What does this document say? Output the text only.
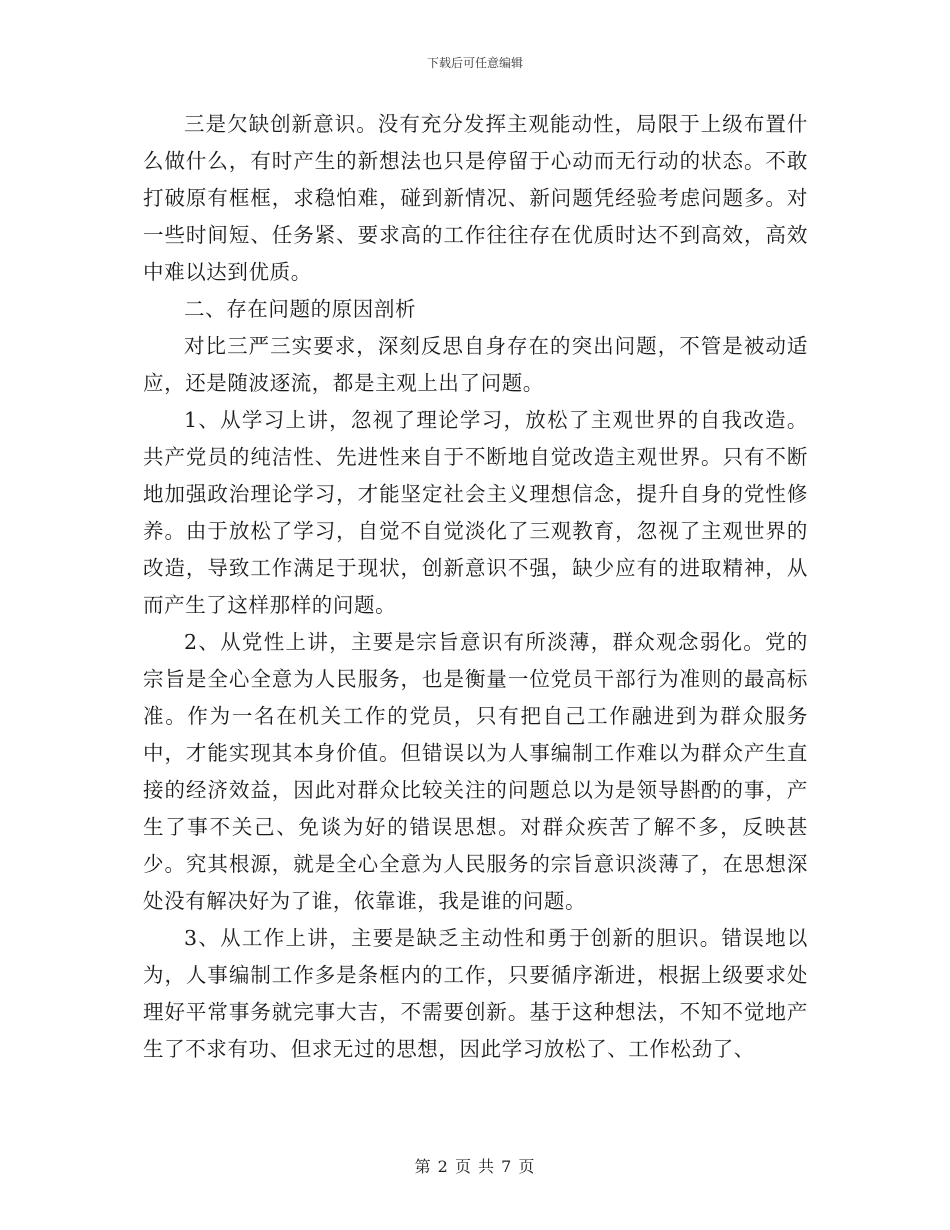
下载后可任意编辑

三是欠缺创新意识。没有充分发挥主观能动性，局限于上级布置什么做什么，有时产生的新想法也只是停留于心动而无行动的状态。不敢打破原有框框，求稳怕难，碰到新情况、新问题凭经验考虑问题多。对一些时间短、任务紧、要求高的工作往往存在优质时达不到高效，高效中难以达到优质。

二、存在问题的原因剖析

对比三严三实要求，深刻反思自身存在的突出问题，不管是被动适应，还是随波逐流，都是主观上出了问题。

1、从学习上讲，忽视了理论学习，放松了主观世界的自我改造。共产党员的纯洁性、先进性来自于不断地自觉改造主观世界。只有不断地加强政治理论学习，才能坚定社会主义理想信念，提升自身的党性修养。由于放松了学习，自觉不自觉淡化了三观教育，忽视了主观世界的改造，导致工作满足于现状，创新意识不强，缺少应有的进取精神，从而产生了这样那样的问题。

2、从党性上讲，主要是宗旨意识有所淡薄，群众观念弱化。党的宗旨是全心全意为人民服务，也是衡量一位党员干部行为准则的最高标准。作为一名在机关工作的党员，只有把自己工作融进到为群众服务中，才能实现其本身价值。但错误以为人事编制工作难以为群众产生直接的经济效益，因此对群众比较关注的问题总以为是领导斟酌的事，产生了事不关己、免谈为好的错误思想。对群众疾苦了解不多，反映甚少。究其根源，就是全心全意为人民服务的宗旨意识淡薄了，在思想深处没有解决好为了谁，依靠谁，我是谁的问题。

3、从工作上讲，主要是缺乏主动性和勇于创新的胆识。错误地以为，人事编制工作多是条框内的工作，只要循序渐进，根据上级要求处理好平常事务就完事大吉，不需要创新。基于这种想法，不知不觉地产生了不求有功、但求无过的思想，因此学习放松了、工作松劲了、

第 2 页 共 7 页
